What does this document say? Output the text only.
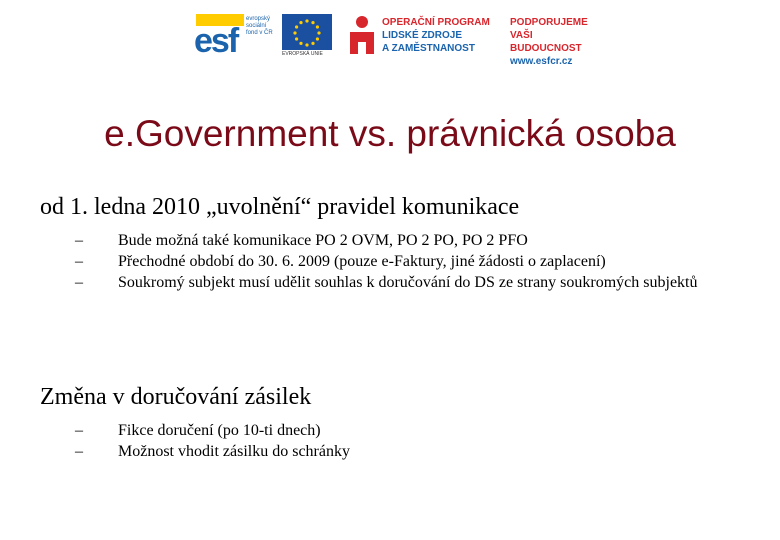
esf
evropský
sociální
fond v ČR
EVROPSKÁ UNIE
OPERAČNÍ PROGRAM
LIDSKÉ ZDROJE
A ZAMĚSTNANOST
PODPORUJEME
VAŠI BUDOUCNOST
www.esfcr.cz
e.Government vs. právnická osoba
od 1. ledna 2010 „uvolnění“ pravidel komunikace
– Bude možná také komunikace PO 2 OVM, PO 2 PO, PO 2 PFO
– Přechodné období do 30. 6. 2009 (pouze e-Faktury, jiné žádosti o zaplacení)
– Soukromý subjekt musí udělit souhlas k doručování do DS ze strany soukromých subjektů
Změna v doručování zásilek
– Fikce doručení (po 10-ti dnech)
– Možnost vhodit zásilku do schránky
